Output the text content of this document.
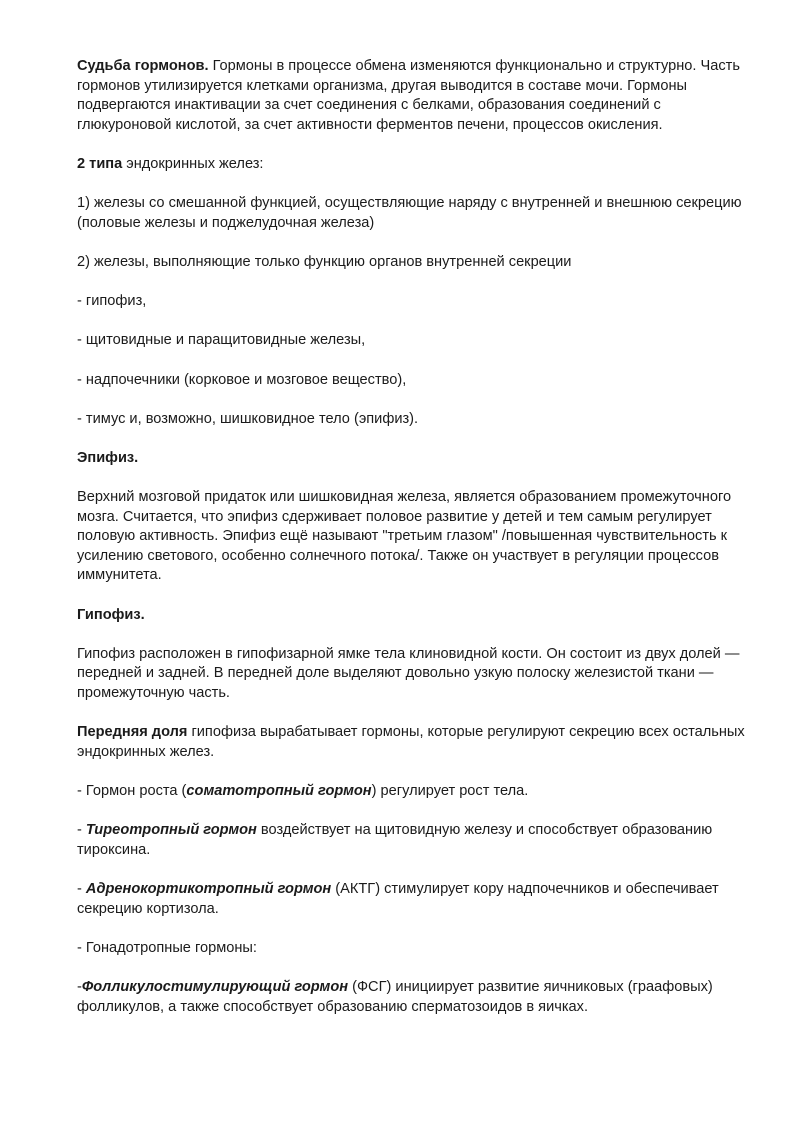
Судьба гормонов. Гормоны в процессе обмена изменяются функционально и структурно. Часть гормонов утилизируется клетками организма, другая выводится в составе мочи. Гормоны подвергаются инактивации за счет соединения с белками, образования соединений с глюкуроновой кислотой, за счет активности ферментов печени, процессов окисления.

2 типа эндокринных желез:

1) железы со смешанной функцией, осуществляющие наряду с внутренней и внешнюю секрецию (половые железы и поджелудочная железа)

2) железы, выполняющие только функцию органов внутренней секреции

- гипофиз,

- щитовидные и паращитовидные железы,

- надпочечники (корковое и мозговое вещество),

- тимус и, возможно, шишковидное тело (эпифиз).

Эпифиз.

Верхний мозговой придаток или шишковидная железа, является образованием промежуточного мозга. Считается, что эпифиз сдерживает половое развитие у детей и тем самым регулирует половую активность. Эпифиз ещё называют "третьим глазом" /повышенная чувствительность к усилению светового, особенно солнечного потока/. Также он участвует в регуляции процессов иммунитета.

Гипофиз.

Гипофиз расположен в гипофизарной ямке тела клиновидной кости. Он состоит из двух долей — передней и задней. В передней доле выделяют довольно узкую полоску железистой ткани — промежуточную часть.

Передняя доля гипофиза вырабатывает гормоны, которые регулируют секрецию всех остальных эндокринных желез.

- Гормон роста (соматотропный гормон) регулирует рост тела.

- Тиреотропный гормон воздействует на щитовидную железу и способствует образованию тироксина.

- Адренокортикотропный гормон (АКТГ) стимулирует кору надпочечников и обеспечивает секрецию кортизола.

- Гонадотропные гормоны:

-Фолликулостимулирующий гормон (ФСГ) инициирует развитие яичниковых (граафовых) фолликулов, а также способствует образованию сперматозоидов в яичках.
